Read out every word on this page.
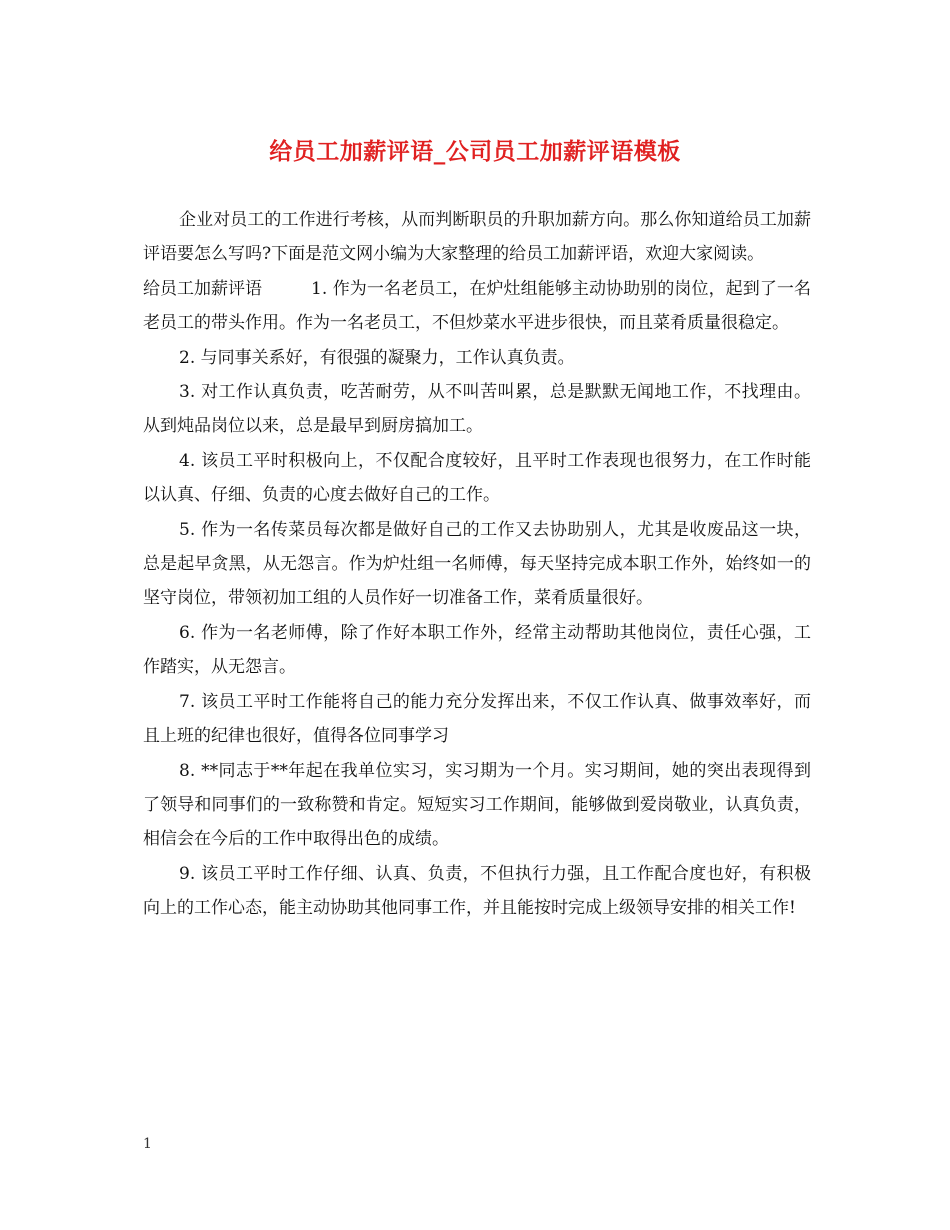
给员工加薪评语_公司员工加薪评语模板

企业对员工的工作进行考核，从而判断职员的升职加薪方向。那么你知道给员工加薪评语要怎么写吗?下面是范文网小编为大家整理的给员工加薪评语，欢迎大家阅读。

给员工加薪评语	1. 作为一名老员工，在炉灶组能够主动协助别的岗位，起到了一名老员工的带头作用。作为一名老员工，不但炒菜水平进步很快，而且菜肴质量很稳定。

2. 与同事关系好，有很强的凝聚力，工作认真负责。

3. 对工作认真负责，吃苦耐劳，从不叫苦叫累，总是默默无闻地工作，不找理由。从到炖品岗位以来，总是最早到厨房搞加工。

4. 该员工平时积极向上，不仅配合度较好，且平时工作表现也很努力，在工作时能以认真、仔细、负责的心度去做好自己的工作。

5. 作为一名传菜员每次都是做好自己的工作又去协助别人，尤其是收废品这一块，总是起早贪黑，从无怨言。作为炉灶组一名师傅，每天坚持完成本职工作外，始终如一的坚守岗位，带领初加工组的人员作好一切准备工作，菜肴质量很好。

6. 作为一名老师傅，除了作好本职工作外，经常主动帮助其他岗位，责任心强，工作踏实，从无怨言。

7. 该员工平时工作能将自己的能力充分发挥出来，不仅工作认真、做事效率好，而且上班的纪律也很好，值得各位同事学习

8. **同志于**年起在我单位实习，实习期为一个月。实习期间，她的突出表现得到了领导和同事们的一致称赞和肯定。短短实习工作期间，能够做到爱岗敬业，认真负责，相信会在今后的工作中取得出色的成绩。

9. 该员工平时工作仔细、认真、负责，不但执行力强，且工作配合度也好，有积极向上的工作心态，能主动协助其他同事工作，并且能按时完成上级领导安排的相关工作!

1
